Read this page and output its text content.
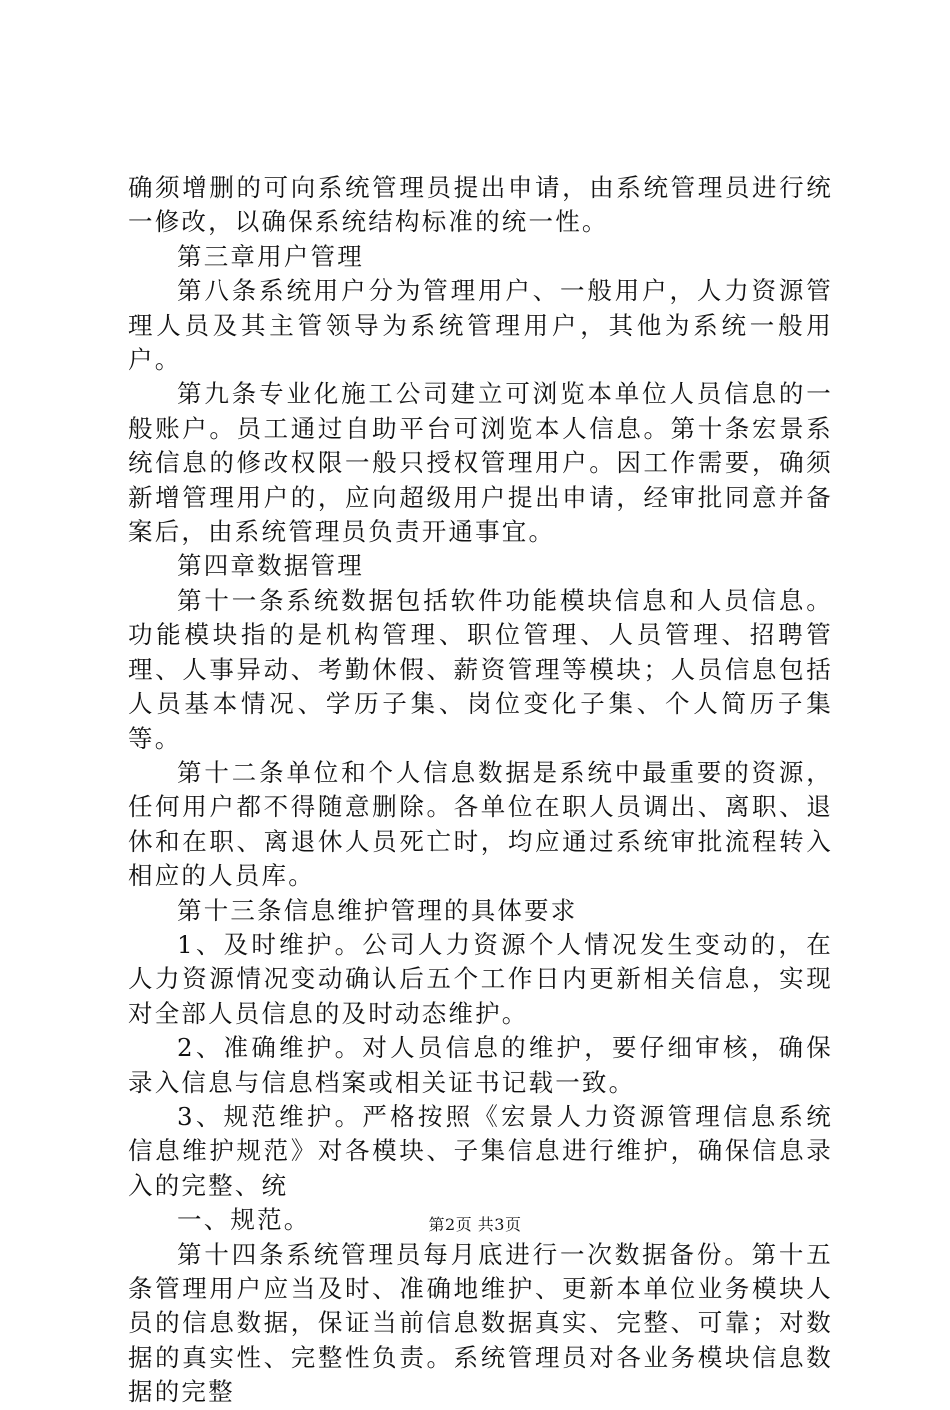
确须增删的可向系统管理员提出申请，由系统管理员进行统一修改，以确保系统结构标准的统一性。

第三章用户管理

第八条系统用户分为管理用户、一般用户，人力资源管理人员及其主管领导为系统管理用户，其他为系统一般用户。

第九条专业化施工公司建立可浏览本单位人员信息的一般账户。员工通过自助平台可浏览本人信息。第十条宏景系统信息的修改权限一般只授权管理用户。因工作需要，确须新增管理用户的，应向超级用户提出申请，经审批同意并备案后，由系统管理员负责开通事宜。

第四章数据管理

第十一条系统数据包括软件功能模块信息和人员信息。功能模块指的是机构管理、职位管理、人员管理、招聘管理、人事异动、考勤休假、薪资管理等模块；人员信息包括人员基本情况、学历子集、岗位变化子集、个人简历子集等。

第十二条单位和个人信息数据是系统中最重要的资源，任何用户都不得随意删除。各单位在职人员调出、离职、退休和在职、离退休人员死亡时，均应通过系统审批流程转入相应的人员库。

第十三条信息维护管理的具体要求

1、及时维护。公司人力资源个人情况发生变动的，在人力资源情况变动确认后五个工作日内更新相关信息，实现对全部人员信息的及时动态维护。

2、准确维护。对人员信息的维护，要仔细审核，确保录入信息与信息档案或相关证书记载一致。

3、规范维护。严格按照《宏景人力资源管理信息系统信息维护规范》对各模块、子集信息进行维护，确保信息录入的完整、统

一、规范。

第十四条系统管理员每月底进行一次数据备份。第十五条管理用户应当及时、准确地维护、更新本单位业务模块人员的信息数据，保证当前信息数据真实、完整、可靠；对数据的真实性、完整性负责。系统管理员对各业务模块信息数据的完整

第2页 共3页
